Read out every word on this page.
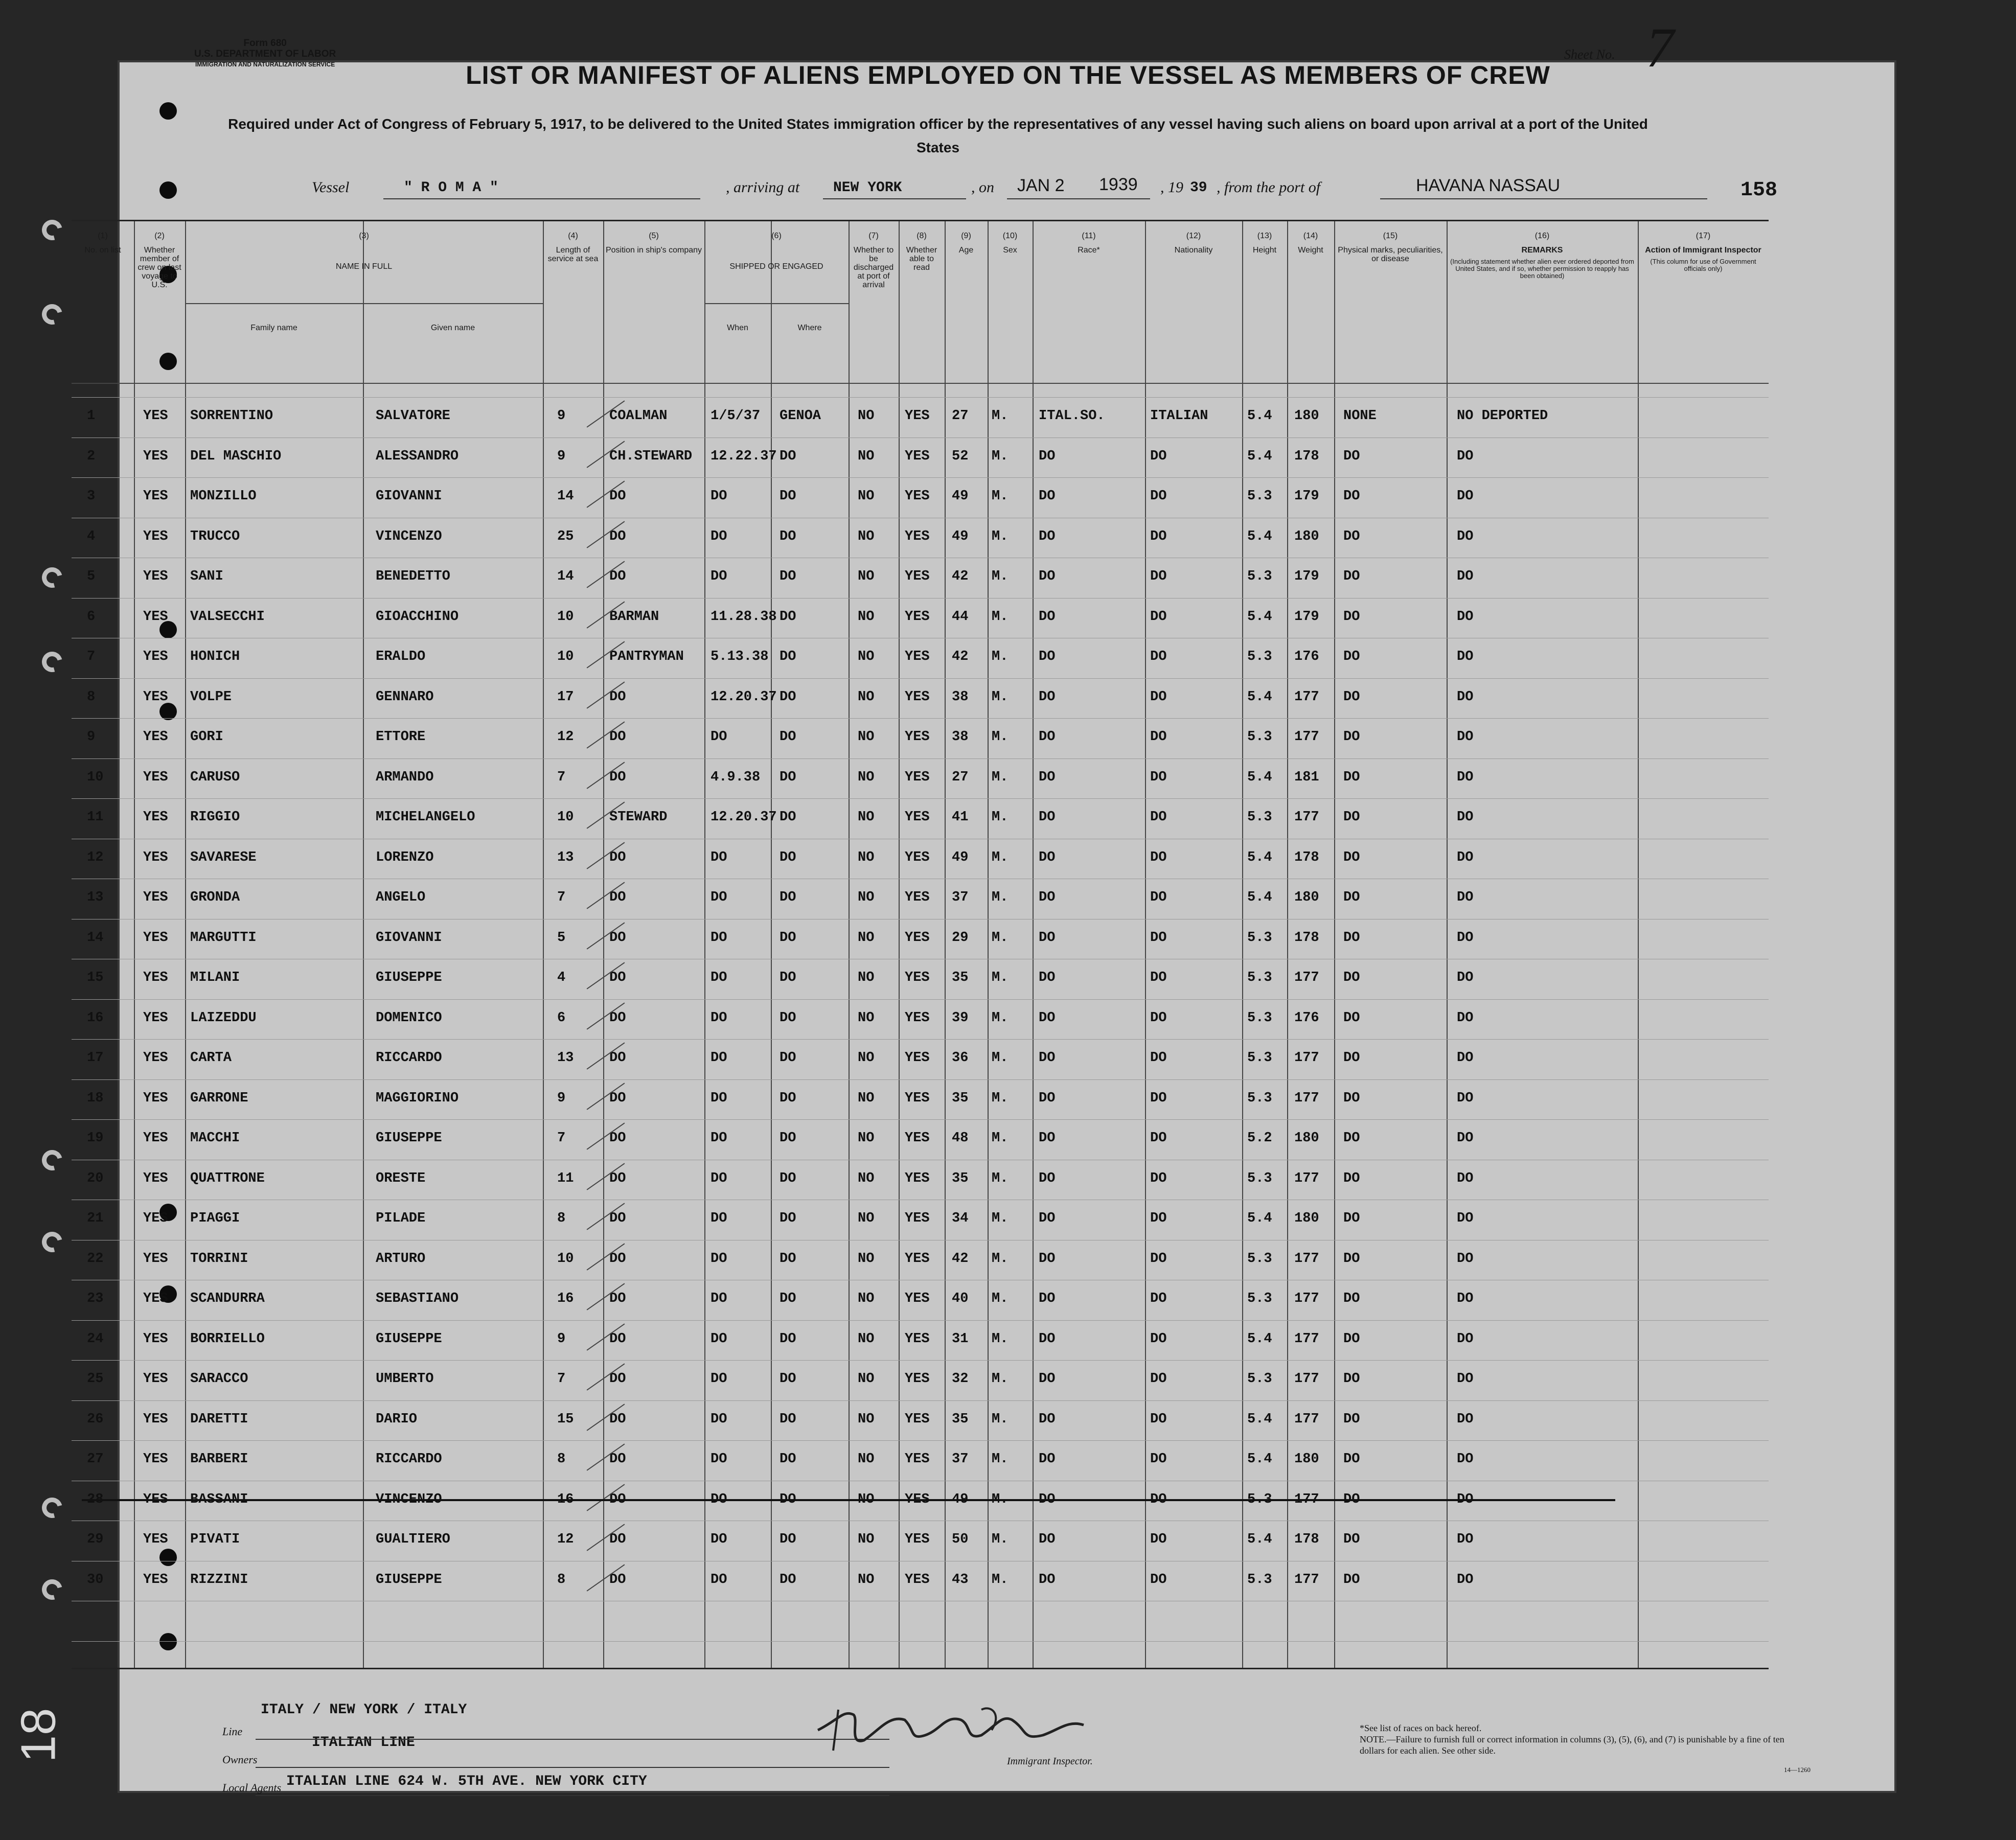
18
Form 680
U.S. DEPARTMENT OF LABOR
IMMIGRATION AND NATURALIZATION SERVICE
Sheet No. 7
LIST OR MANIFEST OF ALIENS EMPLOYED ON THE VESSEL AS MEMBERS OF CREW
Required under Act of Congress of February 5, 1917, to be delivered to the United States immigration officer by the representatives of any vessel having such aliens on board upon arrival at a port of the United States
Vessel	" R O M A "	, arriving at NEW YORK	, on JAN 2 1939 , 19 39 , from the port of	HAVANA NASSAU	158
(1)
No. on list
(2)
Whether member of crew on last voyage to U.S.
(3)
NAME IN FULL
Family name	Given name
(4)
Length of service at sea
(5)
Position in ship's company
(6)
SHIPPED OR ENGAGED
When	Where
(7)
Whether to be discharged at port of arrival
(8)
Whether able to read
(9)
Age
(10)
Sex
(11)
Race*
(12)
Nationality
(13)
Height
(14)
Weight
(15)
Physical marks, peculiarities, or disease
(16)
REMARKS
(Including statement whether alien ever ordered deported from United States, and if so, whether permission to reapply has been obtained)
(17)
Action of Immigrant Inspector
(This column for use of Government officials only)
1	YES SORRENTINO	SALVATORE	9	COALMAN	1/5/37 GENOA	NO YES 27 M. ITAL.SO.	ITALIAN	5.4 180 NONE	NO DEPORTED
2	YES DEL MASCHIO	ALESSANDRO	9	CH.STEWARD 12.22.37 DO	NO YES 52 M. DO	DO	5.4 178 DO	DO
3	YES MONZILLO	GIOVANNI	14	DO	DO	DO	NO YES 49 M. DO	DO	5.3 179 DO	DO
4	YES TRUCCO	VINCENZO	25	DO	DO	DO	NO YES 49 M. DO	DO	5.4 180 DO	DO
5	YES SANI	BENEDETTO	14	DO	DO	DO	NO YES 42 M. DO	DO	5.3 179 DO	DO
6	YES VALSECCHI	GIOACCHINO	10	BARMAN	11.28.38 DO	NO YES 44 M. DO	DO	5.4 179 DO	DO
7	YES HONICH	ERALDO	10	PANTRYMAN 5.13.38 DO	NO YES 42 M. DO	DO	5.3 176 DO	DO
8	YES VOLPE	GENNARO	17	DO	12.20.37 DO	NO YES 38 M. DO	DO	5.4 177 DO	DO
9	YES GORI	ETTORE	12	DO	DO	DO	NO YES 38 M. DO	DO	5.3 177 DO	DO
10	YES CARUSO	ARMANDO	7	DO	4.9.38 DO	NO YES 27 M. DO	DO	5.4 181 DO	DO
11	YES RIGGIO	MICHELANGELO	10	STEWARD	12.20.37 DO	NO YES 41 M. DO	DO	5.3 177 DO	DO
12	YES SAVARESE	LORENZO	13	DO	DO	DO	NO YES 49 M. DO	DO	5.4 178 DO	DO
13	YES GRONDA	ANGELO	7	DO	DO	DO	NO YES 37 M. DO	DO	5.4 180 DO	DO
14	YES MARGUTTI	GIOVANNI	5	DO	DO	DO	NO YES 29 M. DO	DO	5.3 178 DO	DO
15	YES MILANI	GIUSEPPE	4	DO	DO	DO	NO YES 35 M. DO	DO	5.3 177 DO	DO
16	YES LAIZEDDU	DOMENICO	6	DO	DO	DO	NO YES 39 M. DO	DO	5.3 176 DO	DO
17	YES CARTA	RICCARDO	13	DO	DO	DO	NO YES 36 M. DO	DO	5.3 177 DO	DO
18	YES GARRONE	MAGGIORINO	9	DO	DO	DO	NO YES 35 M. DO	DO	5.3 177 DO	DO
19	YES MACCHI	GIUSEPPE	7	DO	DO	DO	NO YES 48 M. DO	DO	5.2 180 DO	DO
20	YES QUATTRONE	ORESTE	11	DO	DO	DO	NO YES 35 M. DO	DO	5.3 177 DO	DO
21	YES PIAGGI	PILADE	8	DO	DO	DO	NO YES 34 M. DO	DO	5.4 180 DO	DO
22	YES TORRINI	ARTURO	10	DO	DO	DO	NO YES 42 M. DO	DO	5.3 177 DO	DO
23	YES SCANDURRA	SEBASTIANO	16	DO	DO	DO	NO YES 40 M. DO	DO	5.3 177 DO	DO
24	YES BORRIELLO	GIUSEPPE	9	DO	DO	DO	NO YES 31 M. DO	DO	5.4 177 DO	DO
25	YES SARACCO	UMBERTO	7	DO	DO	DO	NO YES 32 M. DO	DO	5.3 177 DO	DO
26	YES DARETTI	DARIO	15	DO	DO	DO	NO YES 35 M. DO	DO	5.4 177 DO	DO
27	YES BARBERI	RICCARDO	8	DO	DO	DO	NO YES 37 M. DO	DO	5.4 180 DO	DO
28	YES BASSANI	VINCENZO	16	DO	DO	DO	NO YES 49 M. DO	DO	5.3 177 DO	DO
29	YES PIVATI	GUALTIERO	12	DO	DO	DO	NO YES 50 M. DO	DO	5.4 178 DO	DO
30	YES RIZZINI	GIUSEPPE	8	DO	DO	DO	NO YES 43 M. DO	DO	5.3 177 DO	DO
ITALY / NEW YORK / ITALY
Line
ITALIAN LINE
Owners
Local Agents ITALIAN LINE 624 W. 5TH AVE. NEW YORK CITY
Immigrant Inspector.
*See list of races on back hereof.
NOTE.—Failure to furnish full or correct information in columns (3), (5), (6), and (7) is punishable by a fine of ten dollars for each alien. See other side.
14—1260
